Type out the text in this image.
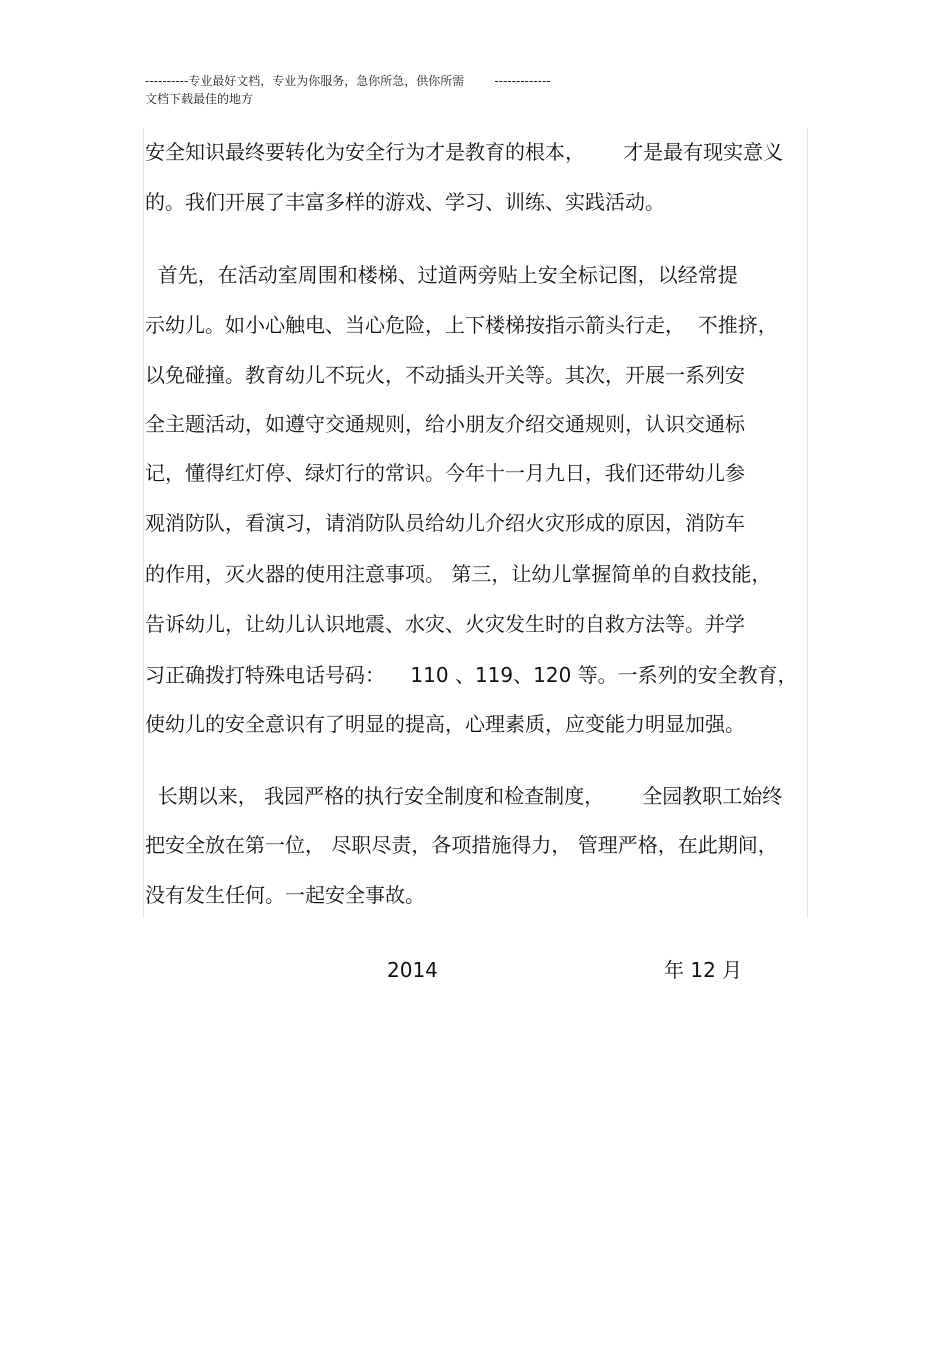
----------专业最好文档，专业为你服务，急你所急，供你所需	-------------
文档下载最佳的地方
安全知识最终要转化为安全行为才是教育的根本，      才是最有现实意义
的。我们开展了丰富多样的游戏、学习、训练、实践活动。
首先，在活动室周围和楼梯、过道两旁贴上安全标记图，以经常提
示幼儿。如小心触电、当心危险，上下楼梯按指示箭头行走，  不推挤，
以免碰撞。教育幼儿不玩火，不动插头开关等。其次，开展一系列安
全主题活动，如遵守交通规则，给小朋友介绍交通规则，认识交通标
记，懂得红灯停、绿灯行的常识。今年十一月九日，我们还带幼儿参
观消防队，看演习，请消防队员给幼儿介绍火灾形成的原因，消防车
的作用，灭火器的使用注意事项。 第三，让幼儿掌握简单的自救技能，
告诉幼儿，让幼儿认识地震、水灾、火灾发生时的自救方法等。并学
习正确拨打特殊电话号码：    110 、119、120 等。一系列的安全教育，
使幼儿的安全意识有了明显的提高，心理素质，应变能力明显加强。
长期以来， 我园严格的执行安全制度和检查制度，      全园教职工始终
把安全放在第一位， 尽职尽责，各项措施得力， 管理严格，在此期间，
没有发生任何。一起安全事故。
2014	年 12 月
